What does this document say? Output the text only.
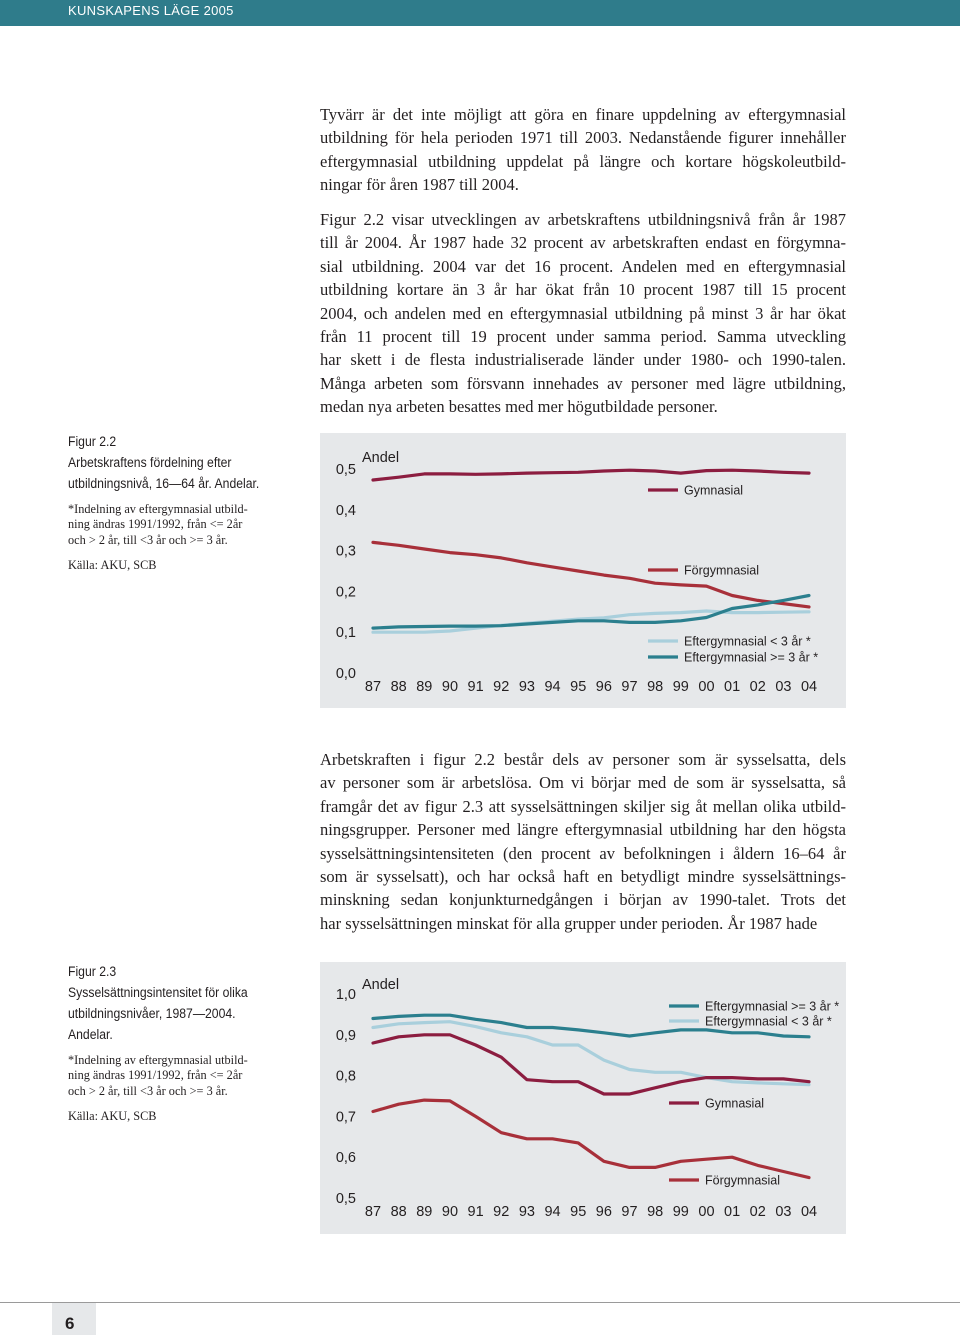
KUNSKAPENS LÄGE 2005
Tyvärr är det inte möjligt att göra en finare uppdelning av eftergymnasial
utbildning för hela perioden 1971 till 2003. Nedanstående figurer innehåller
eftergymnasial utbildning uppdelat på längre och kortare högskoleutbild-
ningar för åren 1987 till 2004.
Figur 2.2 visar utvecklingen av arbetskraftens utbildningsnivå från år 1987
till år 2004. År 1987 hade 32 procent av arbetskraften endast en förgymna-
sial utbildning. 2004 var det 16 procent. Andelen med en eftergymnasial
utbildning kortare än 3 år har ökat från 10 procent 1987 till 15 procent
2004, och andelen med en eftergymnasial utbildning på minst 3 år har ökat
från 11 procent till 19 procent under samma period. Samma utveckling
har skett i de flesta industrialiserade länder under 1980- och 1990-talen.
Många arbeten som försvann innehades av personer med lägre utbildning,
medan nya arbeten besattes med mer högutbildade personer.
Figur 2.2
Arbetskraftens fördelning efter
utbildningsnivå, 16—64 år. Andelar.
*Indelning av eftergymnasial utbild-
ning ändras 1991/1992, från <= 2år
och > 2 år, till <3 år och >= 3 år.
Källa: AKU, SCB
0,0
0,1
0,2
0,3
0,4
0,5
Andel
87 88 89 90 91 92 93 94 95 96 97 98 99 00 01 02 03 04
Gymnasial
Förgymnasial
Eftergymnasial < 3 år *
Eftergymnasial >= 3 år *
Arbetskraften i figur 2.2 består dels av personer som är sysselsatta, dels
av personer som är arbetslösa. Om vi börjar med de som är sysselsatta, så
framgår det av figur 2.3 att sysselsättningen skiljer sig åt mellan olika utbild-
ningsgrupper. Personer med längre eftergymnasial utbildning har den högsta
sysselsättningsintensiteten (den procent av befolkningen i åldern 16–64 år
som är sysselsatt), och har också haft en betydligt mindre sysselsättnings-
minskning sedan konjunkturnedgången i början av 1990-talet. Trots det
har sysselsättningen minskat för alla grupper under perioden. År 1987 hade
Figur 2.3
Sysselsättningsintensitet för olika
utbildningsnivåer, 1987—2004.
Andelar.
*Indelning av eftergymnasial utbild-
ning ändras 1991/1992, från <= 2år
och > 2 år, till <3 år och >= 3 år.
Källa: AKU, SCB
0,5
0,6
0,7
0,8
0,9
1,0
Andel
87 88 89 90 91 92 93 94 95 96 97 98 99 00 01 02 03 04
Eftergymnasial >= 3 år *
Eftergymnasial < 3 år *
Gymnasial
Förgymnasial
6
